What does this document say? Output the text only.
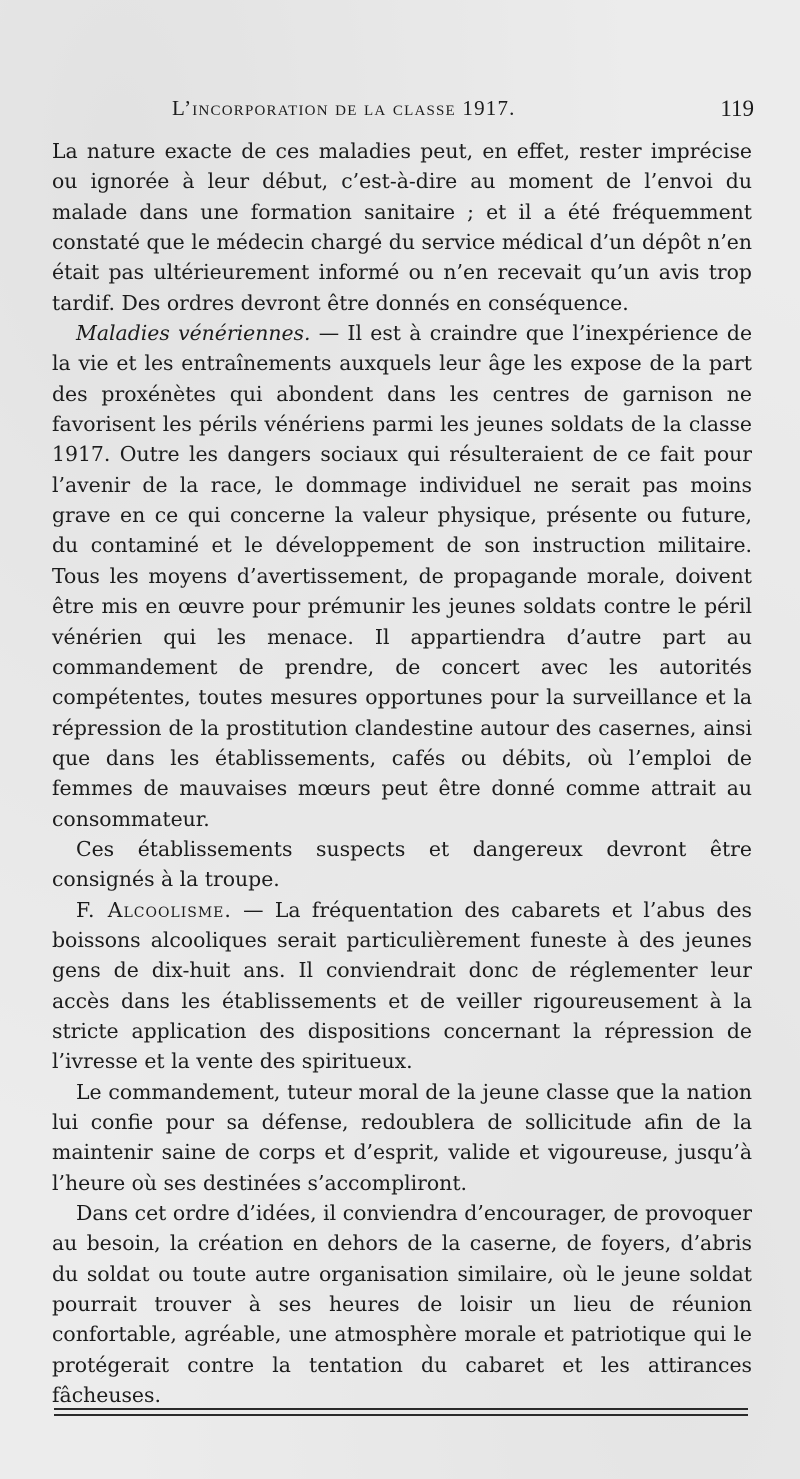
L’incorporation de la classe 1917.	119

La nature exacte de ces maladies peut, en effet, rester imprécise ou ignorée à leur début, c’est-à-dire au moment de l’envoi du malade dans une formation sanitaire ; et il a été fréquemment constaté que le médecin chargé du service médical d’un dépôt n’en était pas ultérieurement informé ou n’en recevait qu’un avis trop tardif. Des ordres devront être donnés en conséquence.

Maladies vénériennes. — Il est à craindre que l’inexpérience de la vie et les entraînements auxquels leur âge les expose de la part des proxénètes qui abondent dans les centres de garnison ne favorisent les périls vénériens parmi les jeunes soldats de la classe 1917. Outre les dangers sociaux qui résulteraient de ce fait pour l’avenir de la race, le dommage individuel ne serait pas moins grave en ce qui concerne la valeur physique, présente ou future, du contaminé et le développement de son instruction militaire. Tous les moyens d’avertissement, de propagande morale, doivent être mis en œuvre pour prémunir les jeunes soldats contre le péril vénérien qui les menace. Il appartiendra d’autre part au commandement de prendre, de concert avec les autorités compétentes, toutes mesures opportunes pour la surveillance et la répression de la prostitution clandestine autour des casernes, ainsi que dans les établissements, cafés ou débits, où l’emploi de femmes de mauvaises mœurs peut être donné comme attrait au consommateur.

Ces établissements suspects et dangereux devront être consignés à la troupe.

F. Alcoolisme. — La fréquentation des cabarets et l’abus des boissons alcooliques serait particulièrement funeste à des jeunes gens de dix-huit ans. Il conviendrait donc de réglementer leur accès dans les établissements et de veiller rigoureusement à la stricte application des dispositions concernant la répression de l’ivresse et la vente des spiritueux.

Le commandement, tuteur moral de la jeune classe que la nation lui confie pour sa défense, redoublera de sollicitude afin de la maintenir saine de corps et d’esprit, valide et vigoureuse, jusqu’à l’heure où ses destinées s’accompliront.

Dans cet ordre d’idées, il conviendra d’encourager, de provoquer au besoin, la création en dehors de la caserne, de foyers, d’abris du soldat ou toute autre organisation similaire, où le jeune soldat pourrait trouver à ses heures de loisir un lieu de réunion confortable, agréable, une atmosphère morale et patriotique qui le protégerait contre la tentation du cabaret et les attirances fâcheuses.
